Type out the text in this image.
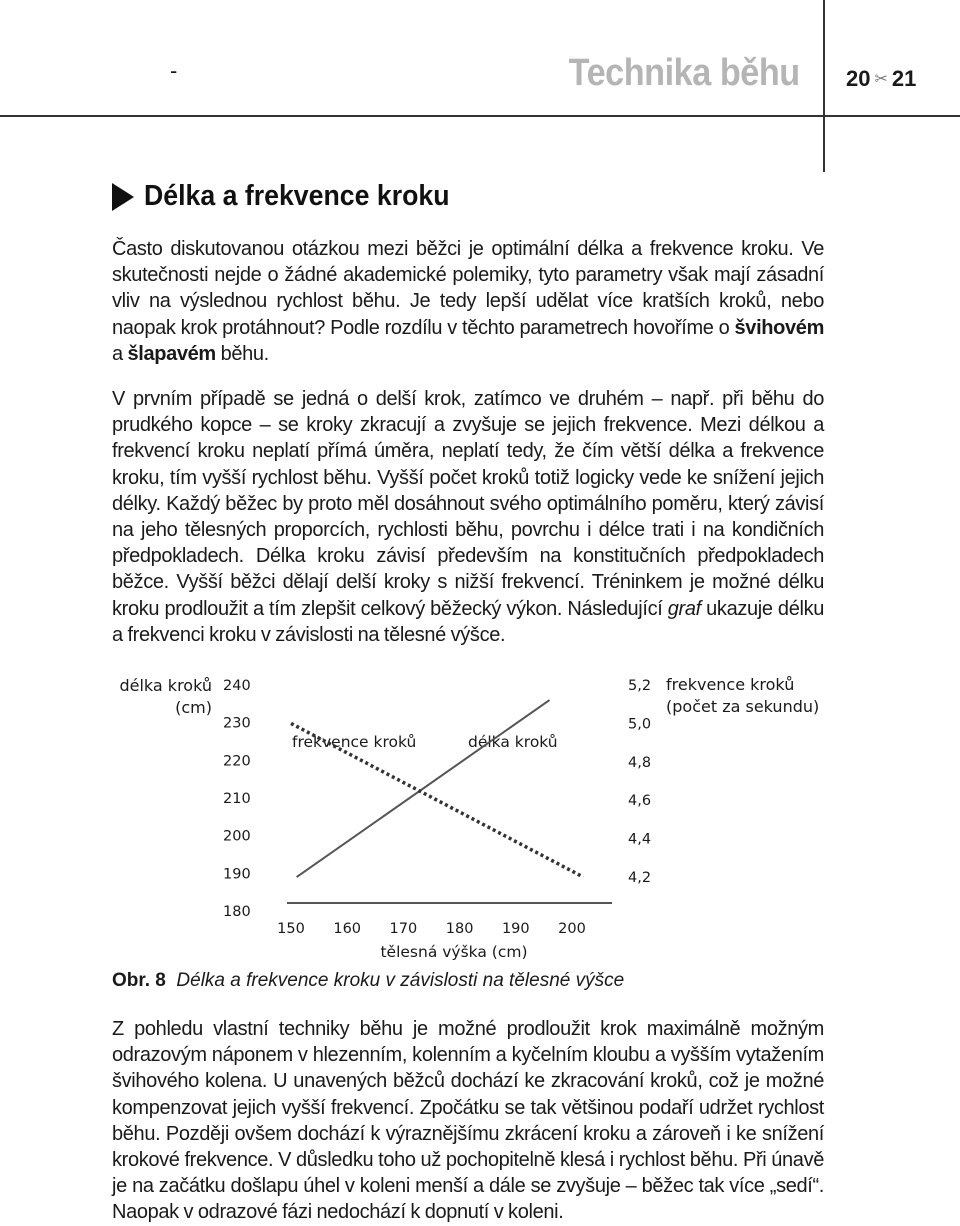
-	Technika běhu 20 ✂ 21
Délka a frekvence kroku

Často diskutovanou otázkou mezi běžci je optimální délka a frekvence kroku. Ve skutečnosti nejde o žádné akademické polemiky, tyto parametry však mají zásadní vliv na výslednou rychlost běhu. Je tedy lepší udělat více kratších kroků, nebo naopak krok protáhnout? Podle rozdílu v těchto parametrech hovoříme o švihovém a šlapavém běhu.

V prvním případě se jedná o delší krok, zatímco ve druhém – např. při běhu do prudkého kopce – se kroky zkracují a zvyšuje se jejich frekvence. Mezi délkou a frekvencí kroku neplatí přímá úměra, neplatí tedy, že čím větší délka a frekvence kroku, tím vyšší rychlost běhu. Vyšší počet kroků totiž logicky vede ke snížení jejich délky. Každý běžec by proto měl dosáhnout svého optimálního poměru, který závisí na jeho tělesných proporcích, rychlosti běhu, povrchu i délce trati i na kondičních předpokladech. Délka kroku závisí především na konstitučních předpokladech běžce. Vyšší běžci dělají delší kroky s nižší frekvencí. Tréninkem je možné délku kroku prodloužit a tím zlepšit celkový běžecký výkon. Následující graf ukazuje délku a frekvenci kroku v závislosti na tělesné výšce.

délka kroků
(cm)
frekvence kroků
(počet za sekundu)
tělesná výška (cm)
frekvence kroků	délka kroků
240
230
220
210
200
190
180
5,2
5,0
4,8
4,6
4,4
4,2
150 160 170 180 190 200
Obr. 8 Délka a frekvence kroku v závislosti na tělesné výšce

Z pohledu vlastní techniky běhu je možné prodloužit krok maximálně možným odrazovým náponem v hlezenním, kolenním a kyčelním kloubu a vyšším vytažením švihového kolena. U unavených běžců dochází ke zkracování kroků, což je možné kompenzovat jejich vyšší frekvencí. Zpočátku se tak většinou podaří udržet rychlost běhu. Později ovšem dochází k výraznějšímu zkrácení kroku a zároveň i ke snížení krokové frekvence. V důsledku toho už pochopitelně klesá i rychlost běhu. Při únavě je na začátku došlapu úhel v koleni menší a dále se zvyšuje – běžec tak více „sedí“. Naopak v odrazové fázi nedochází k dopnutí v koleni.
